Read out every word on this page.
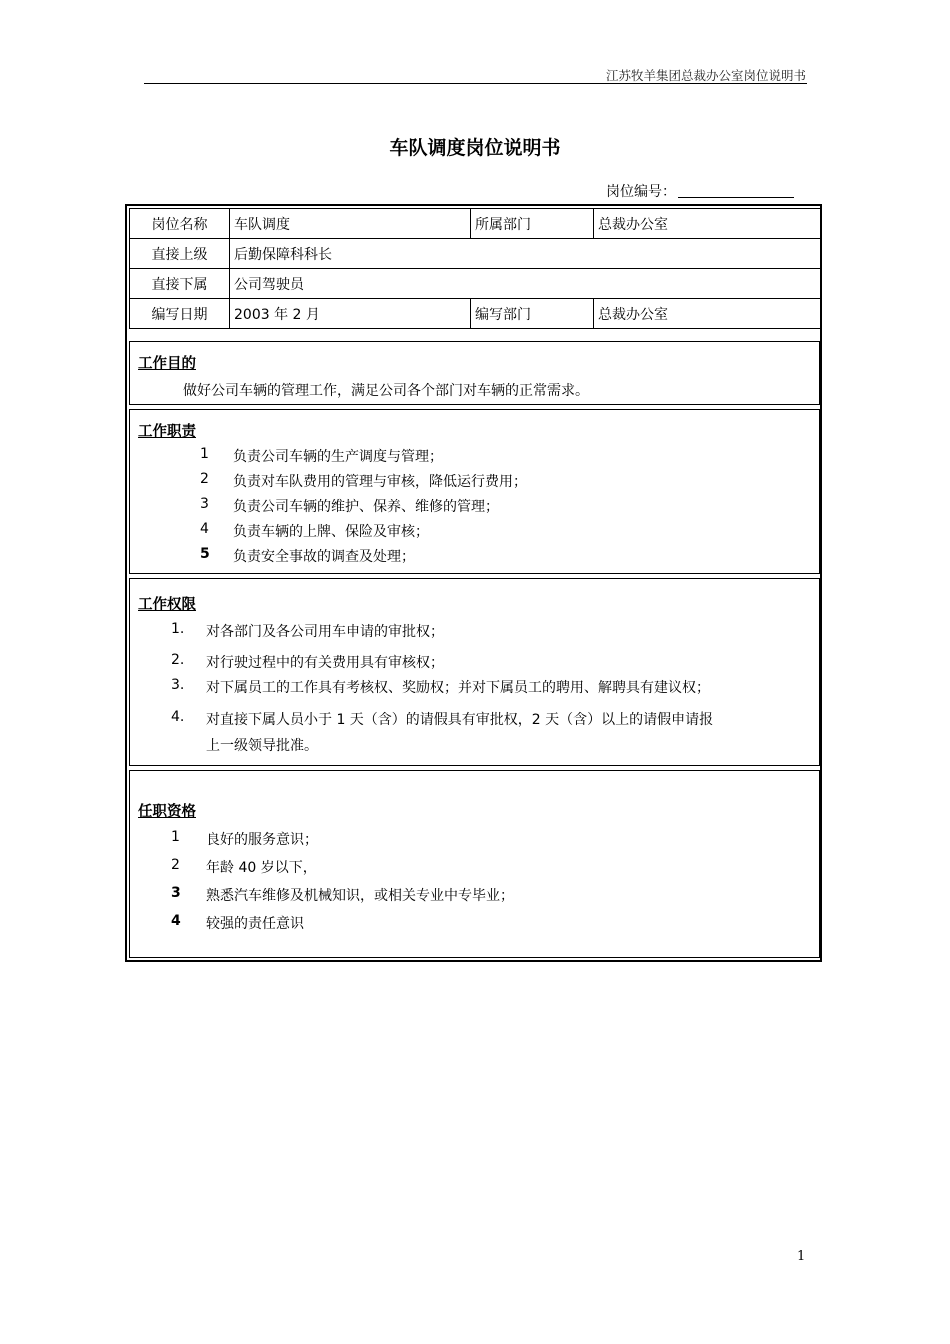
江苏牧羊集团总裁办公室岗位说明书
车队调度岗位说明书
岗位编号：
岗位名称	车队调度	所属部门	总裁办公室
直接上级	后勤保障科科长		
直接下属	公司驾驶员		
编写日期	2003 年 2 月	编写部门	总裁办公室
工作目的
做好公司车辆的管理工作，满足公司各个部门对车辆的正常需求。
工作职责
1 负责公司车辆的生产调度与管理；
2 负责对车队费用的管理与审核，降低运行费用；
3 负责公司车辆的维护、保养、维修的管理；
4 负责车辆的上牌、保险及审核；
5 负责安全事故的调查及处理；
工作权限
1. 对各部门及各公司用车申请的审批权；
2. 对行驶过程中的有关费用具有审核权；
3. 对下属员工的工作具有考核权、奖励权；并对下属员工的聘用、解聘具有建议权；
4. 对直接下属人员小于 1 天（含）的请假具有审批权，2 天（含）以上的请假申请报
上一级领导批准。
任职资格
1 良好的服务意识；
2 年龄 40 岁以下，
3 熟悉汽车维修及机械知识，或相关专业中专毕业；
4 较强的责任意识
1
